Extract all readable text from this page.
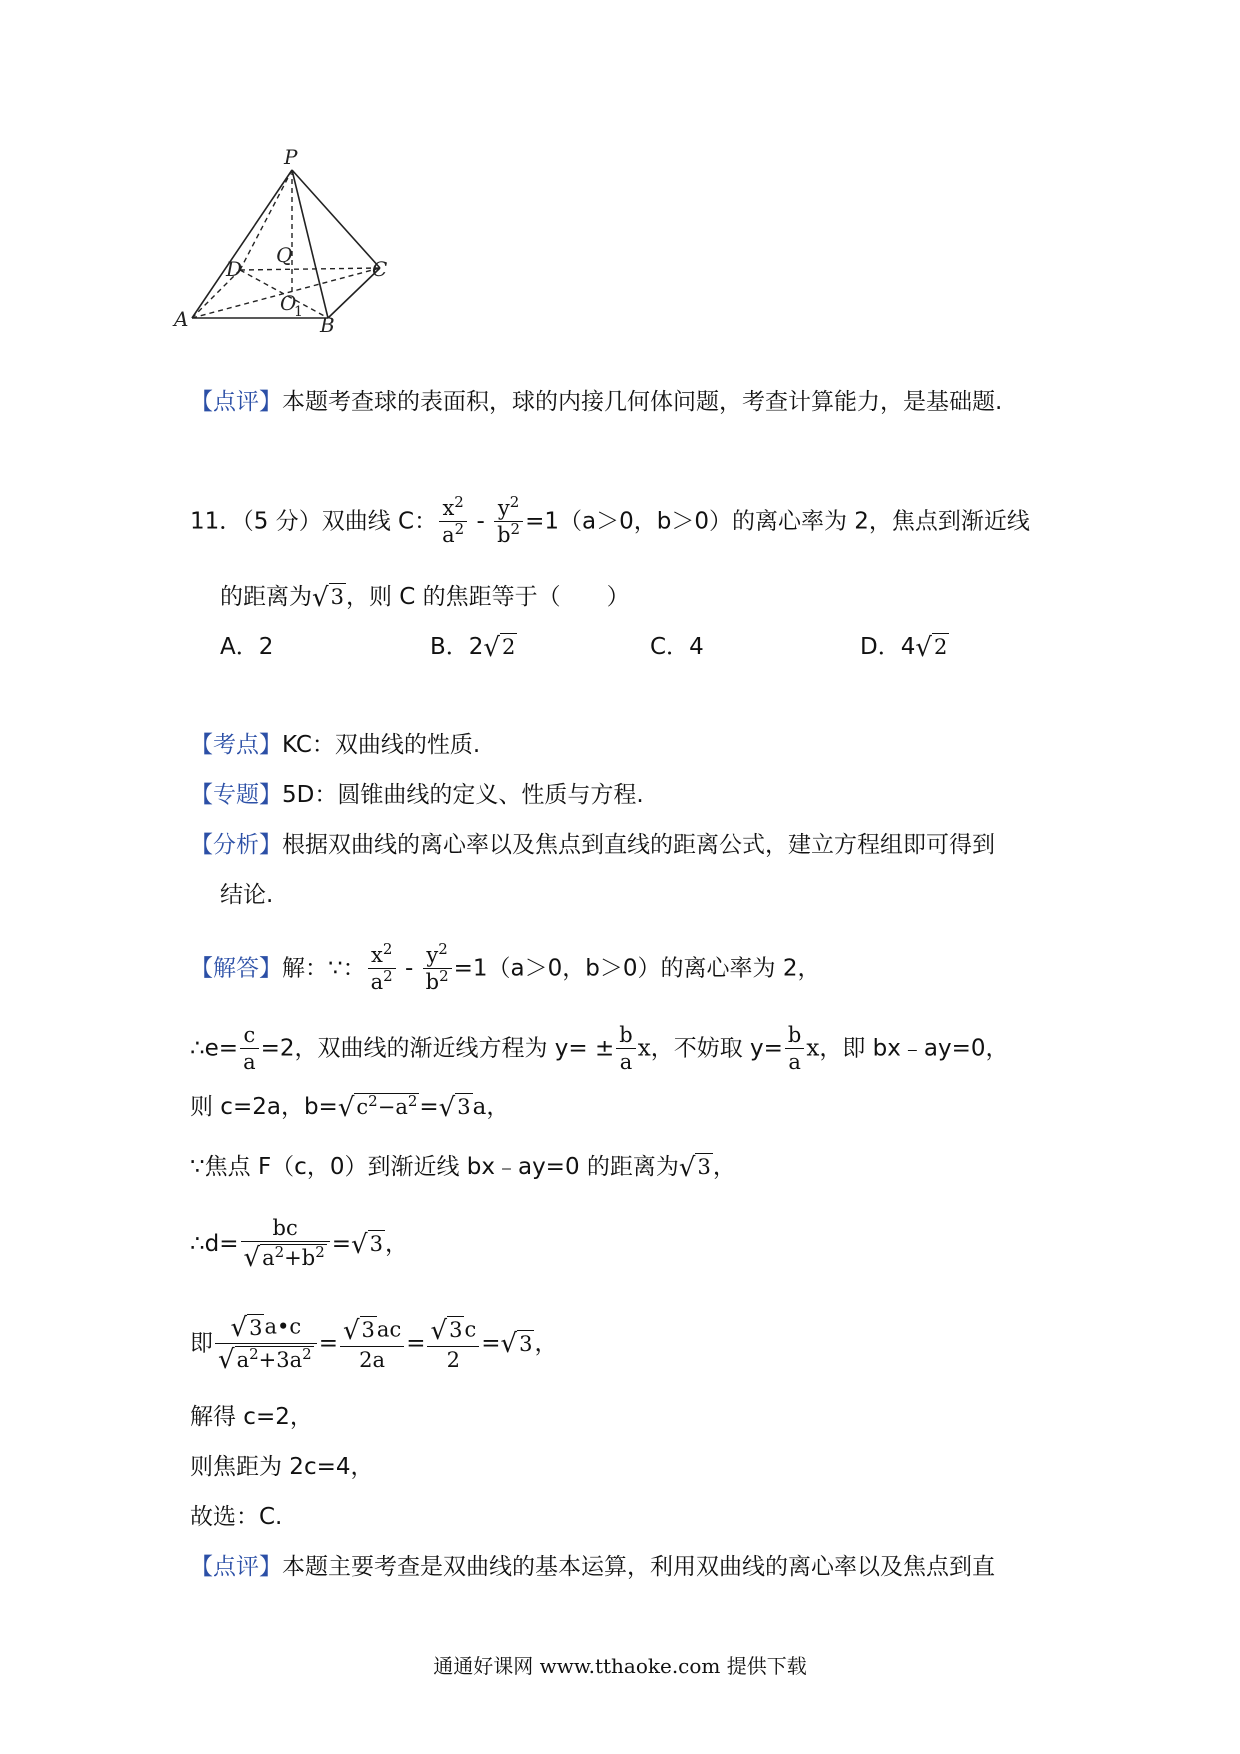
P
Q
D	C
O
1
A	B
【点评】本题考查球的表面积，球的内接几何体问题，考查计算能力，是基础题.
11．（5 分）双曲线 C： $\frac{x^2}{a^2} - \frac{y^2}{b^2} =1(a>0$，b＞0）的离心率为 2，焦点到渐近线
的距离为√3，则 C 的焦距等于（　　）
A．2	B．2√2	C．4	D．4√2
【考点】KC：双曲线的性质.
【专题】5D：圆锥曲线的定义、性质与方程.
【分析】根据双曲线的离心率以及焦点到直线的距离公式，建立方程组即可得到
结论.
【解答】解：∵： $\frac{x^2}{a^2} - \frac{y^2}{b^2} =1(a>0$，b＞0）的离心率为 2，
∴e= $\frac{c}{a} =2$，双曲线的渐近线方程为 $y= \pm \frac{b}{a}$ x，不妨取 $y= \frac{b}{a}$ x，即 bx﹣ay=0，
则 c=2a，$b=√c^2-a^2=√3a$，
∵焦点 F（c，0）到渐近线 bx﹣ay=0 的距离为√3，
∴d= $\frac{bc}{√a^2+b^2} =√3$，
即 $\frac{√3a•c}{√a^2+3a^2} = \frac{√3ac}{2a} = \frac{√3c}{2} =√3$，
解得 c=2，
则焦距为 2c=4，
故选：C.
【点评】本题主要考查是双曲线的基本运算，利用双曲线的离心率以及焦点到直
通通好课网 www.tthaoke.com 提供下载
